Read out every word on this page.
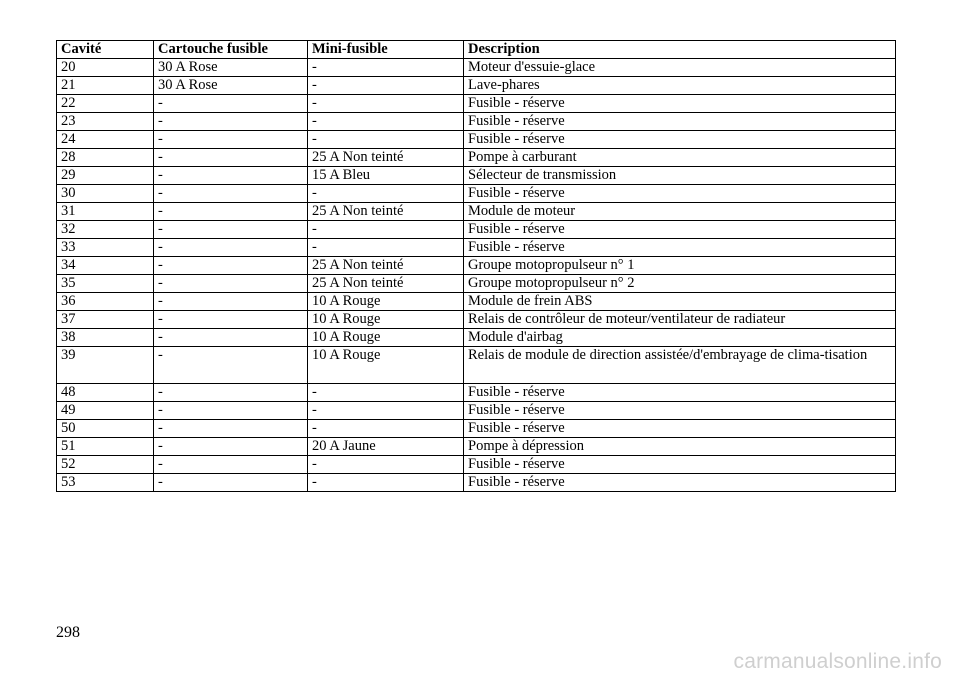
Cavité	Cartouche fusible	Mini-fusible	Description
20	30 A Rose	-	Moteur d'essuie-glace
21	30 A Rose	-	Lave-phares
22	-	-	Fusible - réserve
23	-	-	Fusible - réserve
24	-	-	Fusible - réserve
28	-	25 A Non teinté	Pompe à carburant
29	-	15 A Bleu	Sélecteur de transmission
30	-	-	Fusible - réserve
31	-	25 A Non teinté	Module de moteur
32	-	-	Fusible - réserve
33	-	-	Fusible - réserve
34	-	25 A Non teinté	Groupe motopropulseur n° 1
35	-	25 A Non teinté	Groupe motopropulseur n° 2
36	-	10 A Rouge	Module de frein ABS
37	-	10 A Rouge	Relais de contrôleur de moteur/ventilateur de radiateur
38	-	10 A Rouge	Module d'airbag
39	-	10 A Rouge	Relais de module de direction assistée/d'embrayage de clima-tisation
48	-	-	Fusible - réserve
49	-	-	Fusible - réserve
50	-	-	Fusible - réserve
51	-	20 A Jaune	Pompe à dépression
52	-	-	Fusible - réserve
53	-	-	Fusible - réserve
298
carmanualsonline.info
